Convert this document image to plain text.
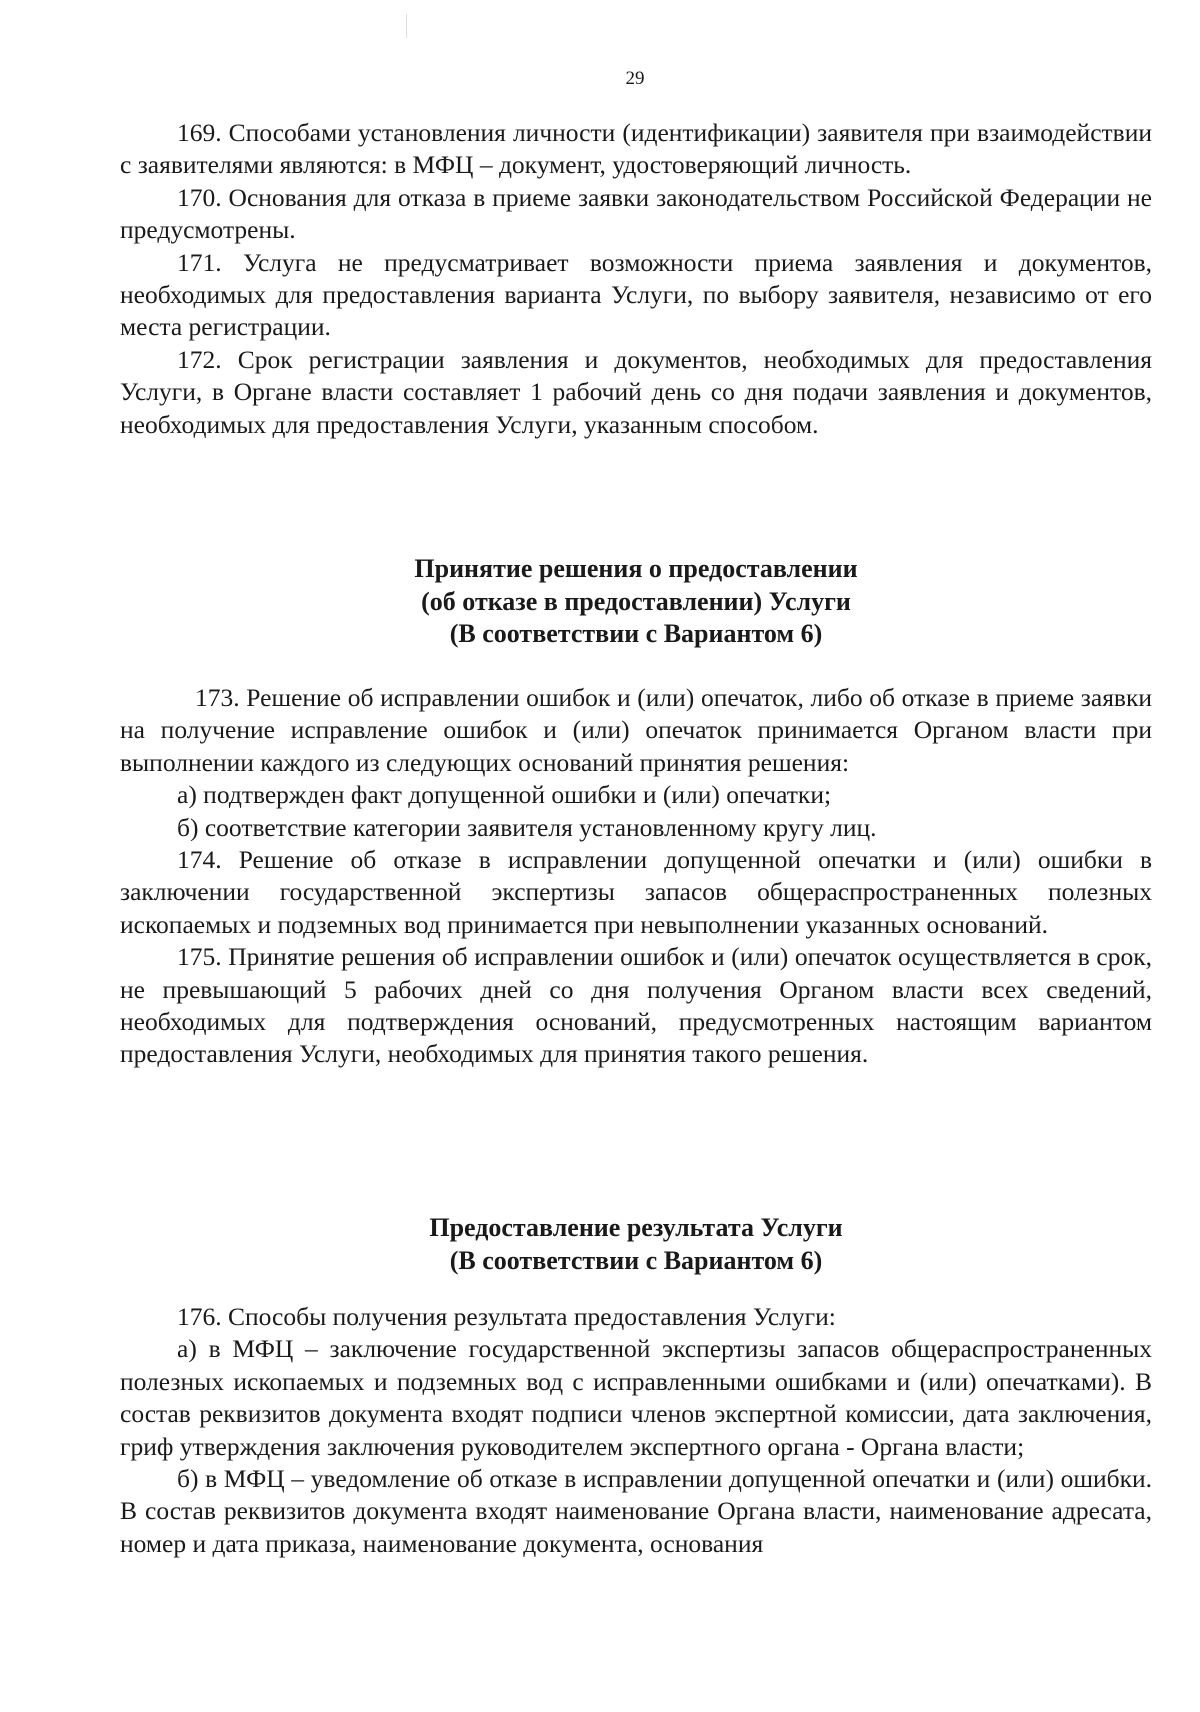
29

169. Способами установления личности (идентификации) заявителя при взаимодействии с заявителями являются: в МФЦ – документ, удостоверяющий личность.

170. Основания для отказа в приеме заявки законодательством Российской Федерации не предусмотрены.

171. Услуга не предусматривает возможности приема заявления и документов, необходимых для предоставления варианта Услуги, по выбору заявителя, независимо от его места регистрации.

172. Срок регистрации заявления и документов, необходимых для предоставления Услуги, в Органе власти составляет 1 рабочий день со дня подачи заявления и документов, необходимых для предоставления Услуги, указанным способом.

Принятие решения о предоставлении
(об отказе в предоставлении) Услуги
(В соответствии с Вариантом 6)

173. Решение об исправлении ошибок и (или) опечаток, либо об отказе в приеме заявки на получение исправление ошибок и (или) опечаток принимается Органом власти при выполнении каждого из следующих оснований принятия решения:

а) подтвержден факт допущенной ошибки и (или) опечатки;

б) соответствие категории заявителя установленному кругу лиц.

174. Решение об отказе в исправлении допущенной опечатки и (или) ошибки в заключении государственной экспертизы запасов общераспространенных полезных ископаемых и подземных вод принимается при невыполнении указанных оснований.

175. Принятие решения об исправлении ошибок и (или) опечаток осуществляется в срок, не превышающий 5 рабочих дней со дня получения Органом власти всех сведений, необходимых для подтверждения оснований, предусмотренных настоящим вариантом предоставления Услуги, необходимых для принятия такого решения.

Предоставление результата Услуги
(В соответствии с Вариантом 6)

176. Способы получения результата предоставления Услуги:

а) в МФЦ – заключение государственной экспертизы запасов общераспространенных полезных ископаемых и подземных вод с исправленными ошибками и (или) опечатками). В состав реквизитов документа входят подписи членов экспертной комиссии, дата заключения, гриф утверждения заключения руководителем экспертного органа - Органа власти;

б) в МФЦ – уведомление об отказе в исправлении допущенной опечатки и (или) ошибки. В состав реквизитов документа входят наименование Органа власти, наименование адресата, номер и дата приказа, наименование документа, основания
